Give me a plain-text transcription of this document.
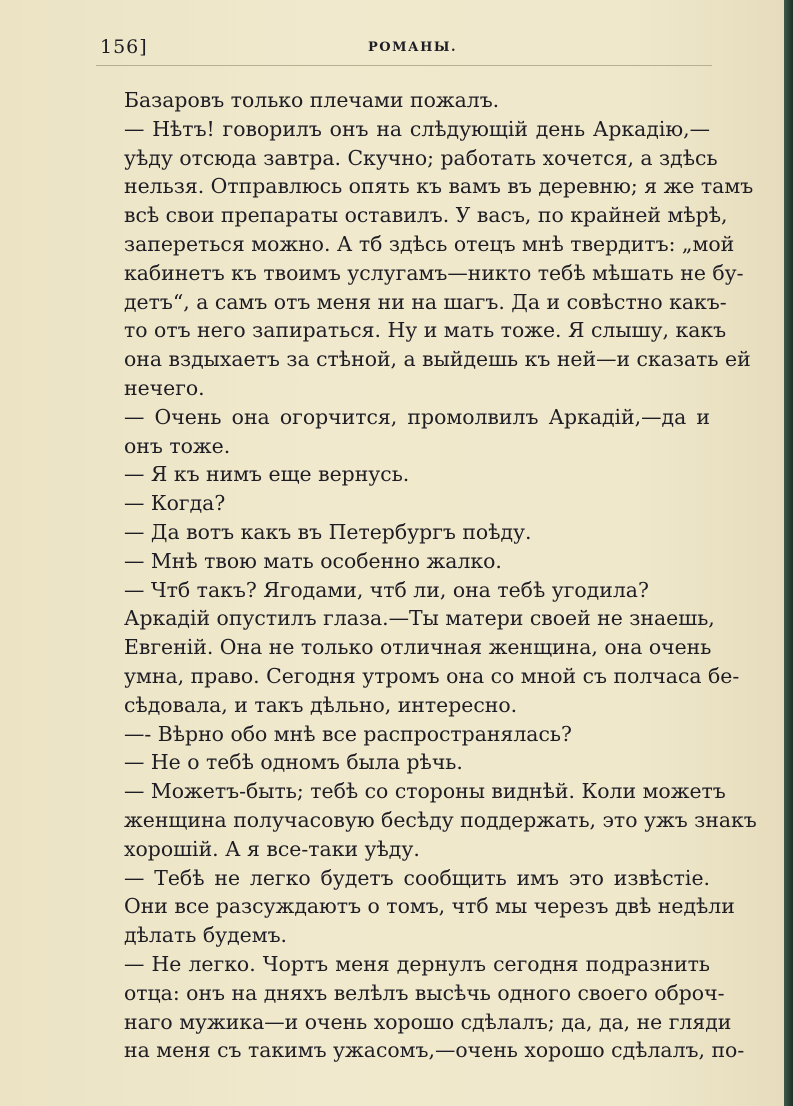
156]	РОМАНЫ.
Базаровъ только плечами пожалъ.
— Нѣтъ! говорилъ онъ на слѣдующій день Аркадію,—
уѣду отсюда завтра. Скучно; работать хочется, а здѣсь
нельзя. Отправлюсь опять къ вамъ въ деревню; я же тамъ
всѣ свои препараты оставилъ. У васъ, по крайней мѣрѣ,
запереться можно. А тб здѣсь отецъ мнѣ твердитъ: „мой
кабинетъ къ твоимъ услугамъ—никто тебѣ мѣшать не бу-
детъ“, а самъ отъ меня ни на шагъ. Да и совѣстно какъ-
то отъ него запираться. Ну и мать тоже. Я слышу, какъ
она вздыхаетъ за стѣной, а выйдешь къ ней—и сказать ей
нечего.
— Очень она огорчится, промолвилъ Аркадій,—да и
онъ тоже.
— Я къ нимъ еще вернусь.
— Когда?
— Да вотъ какъ въ Петербургъ поѣду.
— Мнѣ твою мать особенно жалко.
— Чтб такъ? Ягодами, чтб ли, она тебѣ угодила?
Аркадій опустилъ глаза.—Ты матери своей не знаешь,
Евгеній. Она не только отличная женщина, она очень
умна, право. Сегодня утромъ она со мной съ полчаса бе-
сѣдовала, и такъ дѣльно, интересно.
—- Вѣрно обо мнѣ все распространялась?
— Не о тебѣ одномъ была рѣчь.
— Можетъ-быть; тебѣ со стороны виднѣй. Коли можетъ
женщина получасовую бесѣду поддержать, это ужъ знакъ
хорошій. А я все-таки уѣду.
— Тебѣ не легко будетъ сообщить имъ это извѣстіе.
Они все разсуждаютъ о томъ, чтб мы черезъ двѣ недѣли
дѣлать будемъ.
— Не легко. Чортъ меня дернулъ сегодня подразнить
отца: онъ на дняхъ велѣлъ высѣчь одного своего оброч-
наго мужика—и очень хорошо сдѣлалъ; да, да, не гляди
на меня съ такимъ ужасомъ,—очень хорошо сдѣлалъ, по-
